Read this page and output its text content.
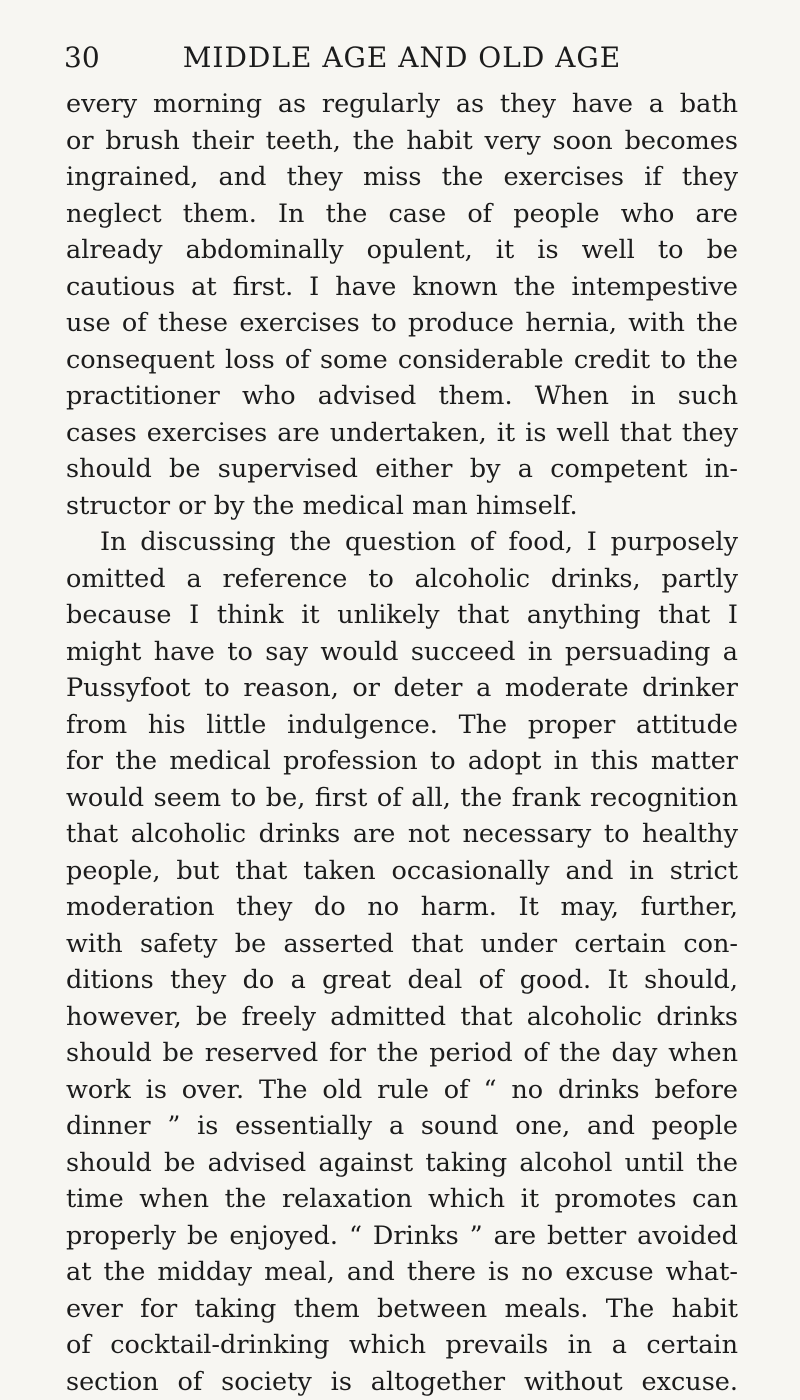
30	MIDDLE AGE AND OLD AGE
every morning as regularly as they have a bath
or brush their teeth, the habit very soon becomes
ingrained, and they miss the exercises if they
neglect them. In the case of people who are
already abdominally opulent, it is well to be
cautious at first. I have known the intempestive
use of these exercises to produce hernia, with the
consequent loss of some considerable credit to the
practitioner who advised them. When in such
cases exercises are undertaken, it is well that they
should be supervised either by a competent in-
structor or by the medical man himself.
In discussing the question of food, I purposely
omitted a reference to alcoholic drinks, partly
because I think it unlikely that anything that I
might have to say would succeed in persuading a
Pussyfoot to reason, or deter a moderate drinker
from his little indulgence. The proper attitude
for the medical profession to adopt in this matter
would seem to be, first of all, the frank recognition
that alcoholic drinks are not necessary to healthy
people, but that taken occasionally and in strict
moderation they do no harm. It may, further,
with safety be asserted that under certain con-
ditions they do a great deal of good. It should,
however, be freely admitted that alcoholic drinks
should be reserved for the period of the day when
work is over. The old rule of “ no drinks before
dinner ” is essentially a sound one, and people
should be advised against taking alcohol until the
time when the relaxation which it promotes can
properly be enjoyed. “ Drinks ” are better avoided
at the midday meal, and there is no excuse what-
ever for taking them between meals. The habit
of cocktail-drinking which prevails in a certain
section of society is altogether without excuse.
